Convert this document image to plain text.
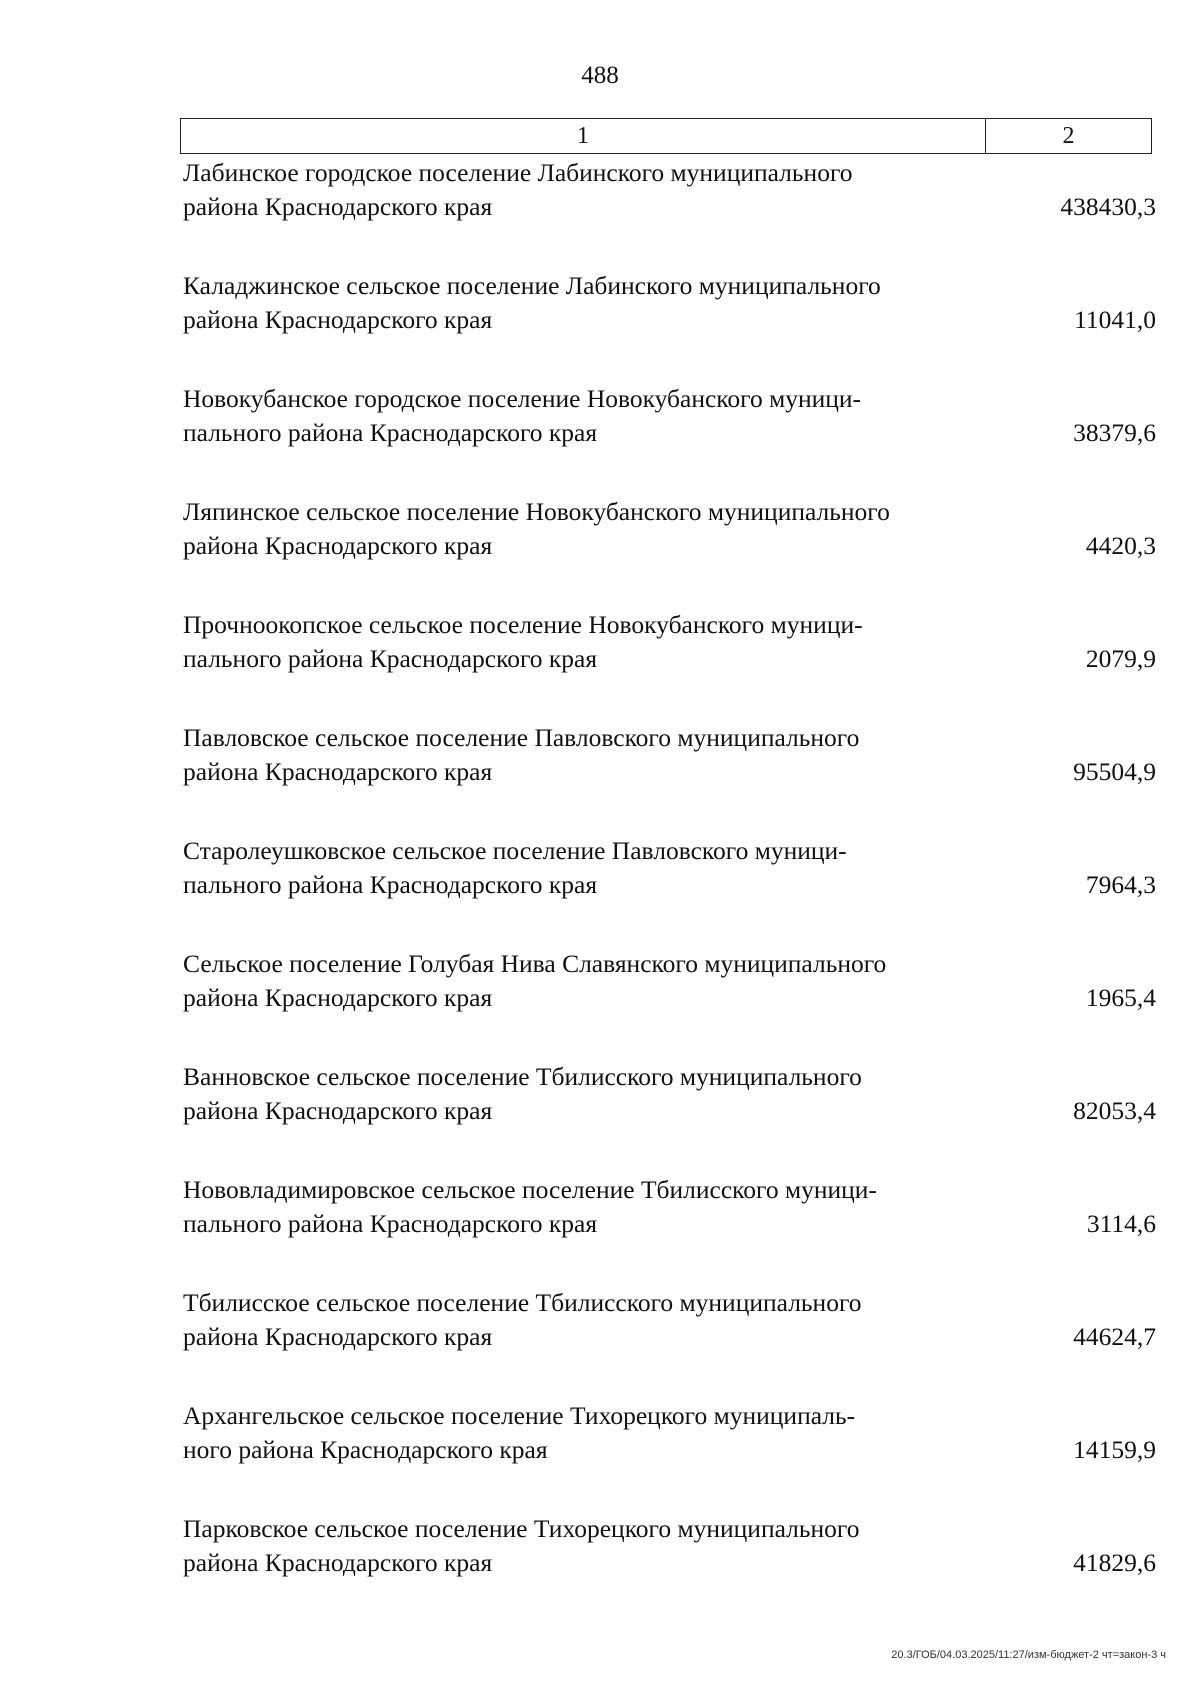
488
1	2
Лабинское городское поселение Лабинского муниципального
района Краснодарского края	438430,3
Каладжинское сельское поселение Лабинского муниципального
района Краснодарского края	11041,0
Новокубанское городское поселение Новокубанского муници-
пального района Краснодарского края	38379,6
Ляпинское сельское поселение Новокубанского муниципального
района Краснодарского края	4420,3
Прочноокопское сельское поселение Новокубанского муници-
пального района Краснодарского края	2079,9
Павловское сельское поселение Павловского муниципального
района Краснодарского края	95504,9
Старолеушковское сельское поселение Павловского муници-
пального района Краснодарского края	7964,3
Сельское поселение Голубая Нива Славянского муниципального
района Краснодарского края	1965,4
Ванновское сельское поселение Тбилисского муниципального
района Краснодарского края	82053,4
Нововладимировское сельское поселение Тбилисского муници-
пального района Краснодарского края	3114,6
Тбилисское сельское поселение Тбилисского муниципального
района Краснодарского края	44624,7
Архангельское сельское поселение Тихорецкого муниципаль-
ного района Краснодарского края	14159,9
Парковское сельское поселение Тихорецкого муниципального
района Краснодарского края	41829,6
20.3/ГОБ/04.03.2025/11:27/изм-бюджет-2 чт=закон-3 ч
